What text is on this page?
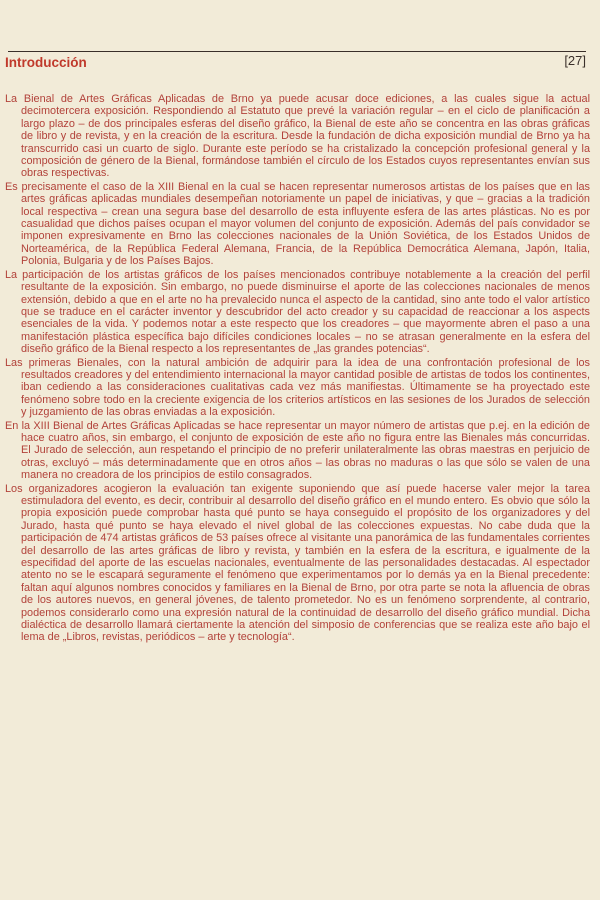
Introducción	[27]

La Bienal de Artes Gráficas Aplicadas de Brno ya puede acusar doce ediciones, a las cuales sigue la actual decimotercera exposición. Respondiendo al Estatuto que prevé la variación regular – en el ciclo de planificación a largo plazo – de dos principales esferas del diseño gráfico, la Bienal de este año se concentra en las obras gráficas de libro y de revista, y en la creación de la escritura. Desde la fundación de dicha exposición mundial de Brno ya ha transcurrido casi un cuarto de siglo. Durante este período se ha cristalizado la concepción profesional general y la composición de género de la Bienal, formándose también el círculo de los Estados cuyos representantes envían sus obras respectivas.

Es precisamente el caso de la XIII Bienal en la cual se hacen representar numerosos artistas de los países que en las artes gráficas aplicadas mundiales desempeñan notoriamente un papel de iniciativas, y que – gracias a la tradición local respectiva – crean una segura base del desarrollo de esta influyente esfera de las artes plásticas. No es por casualidad que dichos países ocupan el mayor volumen del conjunto de exposición. Además del país convidador se imponen expresivamente en Brno las colecciones nacionales de la Unión Soviética, de los Estados Unidos de Norteamérica, de la República Federal Alemana, Francia, de la República Democrática Alemana, Japón, Italia, Polonia, Bulgaria y de los Países Bajos.

La participación de los artistas gráficos de los países mencionados contribuye notablemente a la creación del perfil resultante de la exposición. Sin embargo, no puede disminuirse el aporte de las colecciones nacionales de menos extensión, debido a que en el arte no ha prevalecido nunca el aspecto de la cantidad, sino ante todo el valor artístico que se traduce en el carácter inventor y descubridor del acto creador y su capacidad de reaccionar a los aspects esenciales de la vida. Y podemos notar a este respecto que los creadores – que mayormente abren el paso a una manifestación plástica específica bajo difíciles condiciones locales – no se atrasan generalmente en la esfera del diseño gráfico de la Bienal respecto a los representantes de „las grandes potencias“.

Las primeras Bienales, con la natural ambición de adquirir para la idea de una confrontación profesional de los resultados creadores y del entendimiento internacional la mayor cantidad posible de artistas de todos los continentes, iban cediendo a las consideraciones cualitativas cada vez más manifiestas. Últimamente se ha proyectado este fenómeno sobre todo en la creciente exigencia de los criterios artísticos en las sesiones de los Jurados de selección y juzgamiento de las obras enviadas a la exposición.

En la XIII Bienal de Artes Gráficas Aplicadas se hace representar un mayor número de artistas que p.ej. en la edición de hace cuatro años, sin embargo, el conjunto de exposición de este año no figura entre las Bienales más concurridas. El Jurado de selección, aun respetando el principio de no preferir unilateralmente las obras maestras en perjuicio de otras, excluyó – más determinadamente que en otros años – las obras no maduras o las que sólo se valen de una manera no creadora de los principios de estilo consagrados.

Los organizadores acogieron la evaluación tan exigente suponiendo que así puede hacerse valer mejor la tarea estimuladora del evento, es decir, contribuir al desarrollo del diseño gráfico en el mundo entero. Es obvio que sólo la propia exposición puede comprobar hasta qué punto se haya conseguido el propósito de los organizadores y del Jurado, hasta qué punto se haya elevado el nivel global de las colecciones expuestas. No cabe duda que la participación de 474 artistas gráficos de 53 países ofrece al visitante una panorámica de las fundamentales corrientes del desarrollo de las artes gráficas de libro y revista, y también en la esfera de la escritura, e igualmente de la especifidad del aporte de las escuelas nacionales, eventualmente de las personalidades destacadas. Al espectador atento no se le escapará seguramente el fenómeno que experimentamos por lo demás ya en la Bienal precedente: faltan aquí algunos nombres conocidos y familiares en la Bienal de Brno, por otra parte se nota la afluencia de obras de los autores nuevos, en general jóvenes, de talento prometedor. No es un fenómeno sorprendente, al contrario, podemos considerarlo como una expresión natural de la continuidad de desarrollo del diseño gráfico mundial. Dicha dialéctica de desarrollo llamará ciertamente la atención del simposio de conferencias que se realiza este año bajo el lema de „Libros, revistas, periódicos – arte y tecnología“.
